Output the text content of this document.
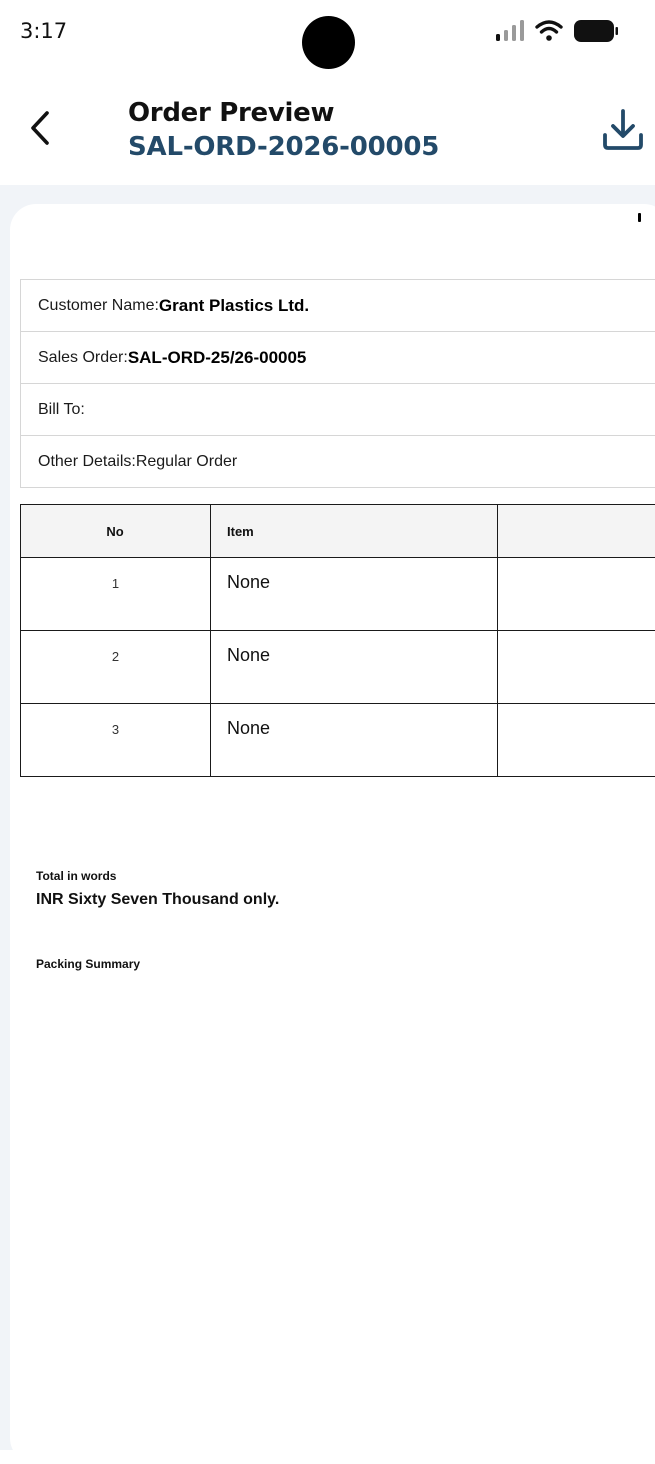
3:17
Order Preview
SAL-ORD-2026-00005
Customer Name: Grant Plastics Ltd.
Sales Order: SAL-ORD-25/26-00005
Bill To:
Other Details: Regular Order
No	Item	
1	None	
2	None	
3	None	
Total in words
INR Sixty Seven Thousand only.
Packing Summary
